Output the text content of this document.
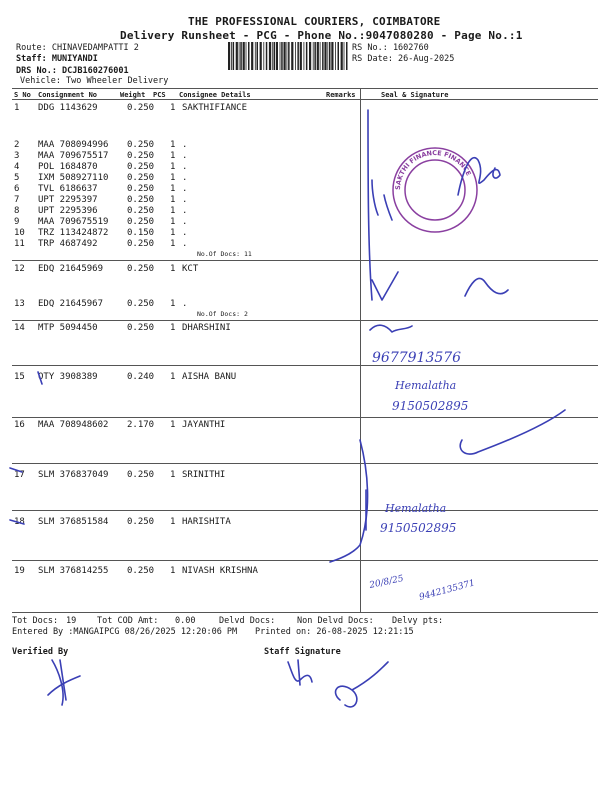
THE PROFESSIONAL COURIERS, COIMBATORE
Delivery Runsheet - PCG - Phone No.:9047080280 - Page No.:1
Route: CHINAVEDAMPATTI 2
Staff: MUNIYANDI
DRS No.: DCJB160276001
Vehicle: Two Wheeler Delivery
RS No.: 1602760
RS Date: 26-Aug-2025
S No Consignment No	Weight PCS Consignee Details	Remarks	Seal & Signature
1 DDG 1143629	0.250 1 SAKTHIFIANCE
2 MAA 708094996 0.250 1 .
3 MAA 709675517 0.250 1 .
4 POL 1684870	0.250 1 .
5 IXM 508927110 0.250 1 .
6 TVL 6186637	0.250 1 .
7 UPT 2295397	0.250 1 .
8 UPT 2295396	0.250 1 .
9 MAA 709675519 0.250 1 .
10 TRZ 113424872 0.150 1 .
11 TRP 4687492	0.250 1 .
12 EDQ 21645969	0.250 1 KCT
13 EDQ 21645967	0.250 1 .
14 MTP 5094450	0.250 1 DHARSHINI
15 OTY 3908389	0.240 1 AISHA BANU
16 MAA 708948602 2.170 1 JAYANTHI
17 SLM 376837049 0.250 1 SRINITHI
18 SLM 376851584 0.250 1 HARISHITA
19 SLM 376814255 0.250 1 NIVASH KRISHNA
No.Of Docs: 11
No.Of Docs: 2
Tot Docs: 19 Tot COD Amt: 0.00	Delvd Docs:	Non Delvd Docs: Delvy pts:
Entered By :MANGAIPCG 08/26/2025 12:20:06 PM Printed on: 26-08-2025 12:21:15
Verified By	Staff Signature
SAKTHI FINANCE FINANCE
9677913576
Hemalatha
9150502895
Hemalatha
9150502895
20/8/25 9442135371
